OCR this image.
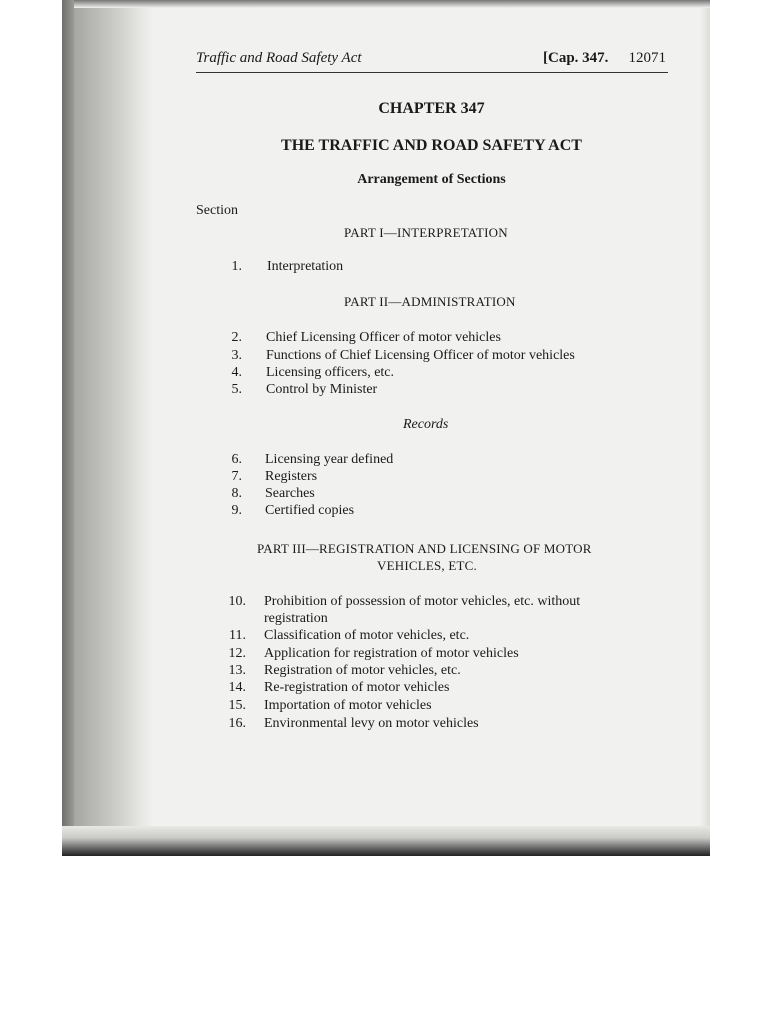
Traffic and Road Safety Act	[Cap. 347. 12071
CHAPTER 347
THE TRAFFIC AND ROAD SAFETY ACT
Arrangement of Sections
Section
PART I—INTERPRETATION
PART II—ADMINISTRATION
Records
PART III—REGISTRATION AND LICENSING OF MOTOR
VEHICLES, ETC.
1. Interpretation
2. Chief Licensing Officer of motor vehicles
3. Functions of Chief Licensing Officer of motor vehicles
4. Licensing officers, etc.
5. Control by Minister
6. Licensing year defined
7. Registers
8. Searches
9. Certified copies
10. Prohibition of possession of motor vehicles, etc. without registration
11. Classification of motor vehicles, etc.
12. Application for registration of motor vehicles
13. Registration of motor vehicles, etc.
14. Re-registration of motor vehicles
15. Importation of motor vehicles
16. Environmental levy on motor vehicles
